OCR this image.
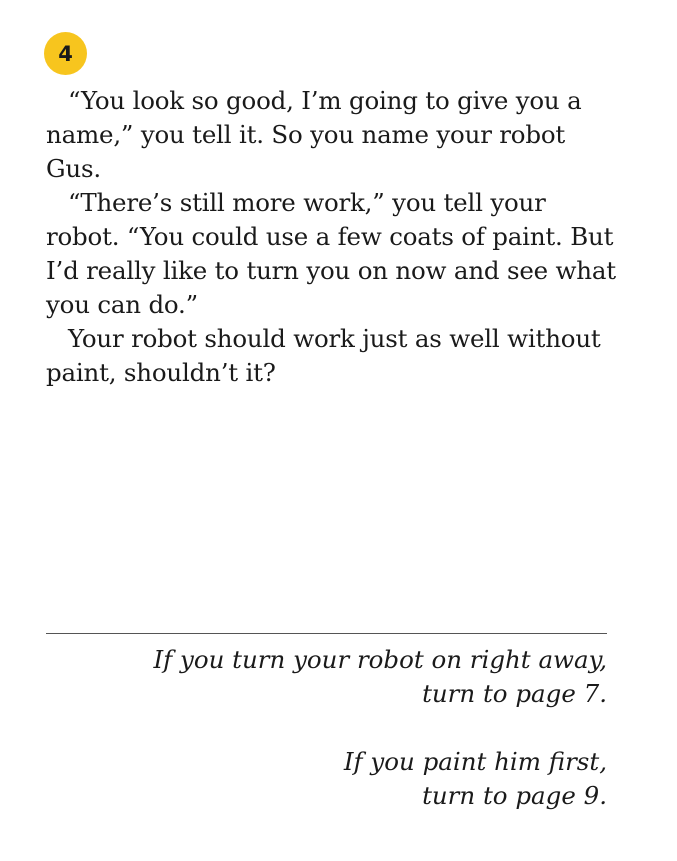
4

“You look so good, I’m going to give you a name,” you tell it. So you name your robot Gus.

“There’s still more work,” you tell your robot. “You could use a few coats of paint. But I’d really like to turn you on now and see what you can do.”

Your robot should work just as well without paint, shouldn’t it?

If you turn your robot on right away,
turn to page 7.
If you paint him first,
turn to page 9.
